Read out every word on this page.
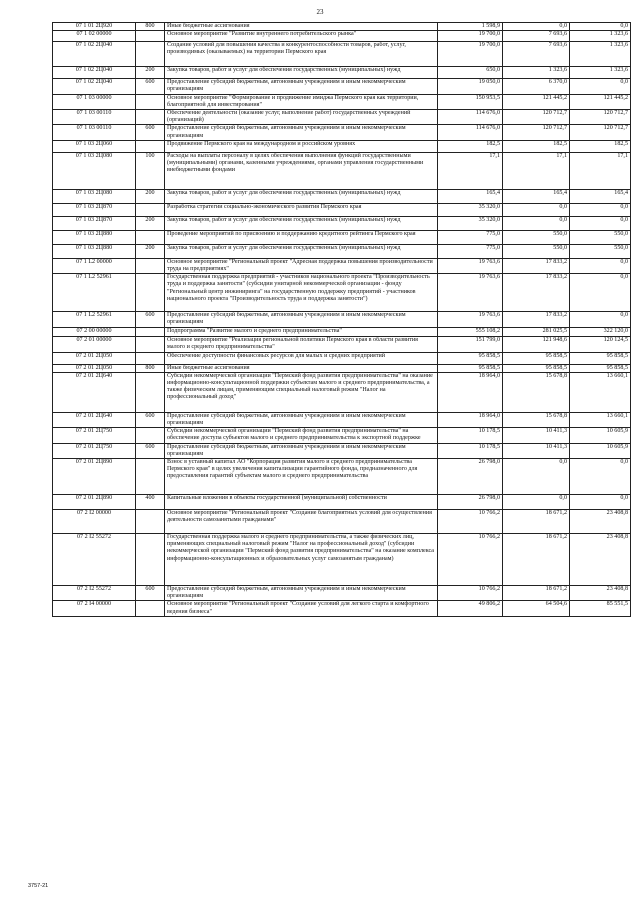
23
07 1 01 2Ц920	800	Иные бюджетные ассигнования	1 598,9	0,0	0,0
07 1 02 00000		Основное мероприятие "Развитие внутреннего потребительского рынка"	19 700,0	7 693,6	1 323,6
07 1 02 2Ц040		Создание условий для повышения качества и конкурентоспособности товаров, работ, услуг, производимых (оказываемых) на территории Пермского края	19 700,0	7 693,6	1 323,6
07 1 02 2Ц040	200	Закупка товаров, работ и услуг для обеспечения государственных (муниципальных) нужд	650,0	1 323,6	1 323,6
07 1 02 2Ц040	600	Предоставление субсидий бюджетным, автономным учреждениям и иным некоммерческим организациям	19 050,0	6 370,0	0,0
07 1 03 00000		Основное мероприятие "Формирование и продвижение имиджа Пермского края как территории, благоприятной для инвестирования"	150 953,5	121 445,2	121 445,2
07 1 03 00110		Обеспечение деятельности (оказание услуг, выполнение работ) государственных учреждений (организаций)	114 676,0	120 712,7	120 712,7
07 1 03 00110	600	Предоставление субсидий бюджетным, автономным учреждениям и иным некоммерческим организациям	114 676,0	120 712,7	120 712,7
07 1 03 2Ц060		Продвижение Пермского края на международном и российском уровнях	182,5	182,5	182,5
07 1 03 2Ц080	100	Расходы на выплаты персоналу в целях обеспечения выполнения функций государственными (муниципальными) органами, казенными учреждениями, органами управления государственными внебюджетными фондами	17,1	17,1	17,1
07 1 03 2Ц080	200	Закупка товаров, работ и услуг для обеспечения государственных (муниципальных) нужд	165,4	165,4	165,4
07 1 03 2Ц870		Разработка стратегии социально-экономического развития Пермского края	35 320,0	0,0	0,0
07 1 03 2Ц870	200	Закупка товаров, работ и услуг для обеспечения государственных (муниципальных) нужд	35 320,0	0,0	0,0
07 1 03 2Ц880		Проведение мероприятий по присвоению и поддержанию кредитного рейтинга Пермского края	775,0	550,0	550,0
07 1 03 2Ц880	200	Закупка товаров, работ и услуг для обеспечения государственных (муниципальных) нужд	775,0	550,0	550,0
07 1 L2 00000		Основное мероприятие "Региональный проект "Адресная поддержка повышения производительности труда на предприятиях"	19 763,6	17 833,2	0,0
07 1 L2 52961		Государственная поддержка предприятий - участников национального проекта "Производительность труда и поддержка занятости" (субсидии унитарной некоммерческой организации - фонду "Региональный центр инжиниринга" на государственную поддержку предприятий - участников национального проекта "Производительность труда и поддержка занятости")	19 763,6	17 833,2	0,0
07 1 L2 52961	600	Предоставление субсидий бюджетным, автономным учреждениям и иным некоммерческим организациям	19 763,6	17 833,2	0,0
07 2 00 00000		Подпрограмма "Развитие малого и среднего предпринимательства"	555 108,2	281 025,5	322 120,0
07 2 01 00000		Основное мероприятие "Реализация региональной политики Пермского края в области развития малого и среднего предпринимательства"	151 799,0	121 948,6	120 124,5
07 2 01 2Ц050		Обеспечение доступности финансовых ресурсов для малых и средних предприятий	95 858,5	95 858,5	95 858,5
07 2 01 2Ц050	800	Иные бюджетные ассигнования	95 858,5	95 858,5	95 858,5
07 2 01 2Ц640		Субсидии некоммерческой организации "Пермский фонд развития предпринимательства" на оказание информационно-консультационной поддержки субъектам малого и среднего предпринимательства, а также физическим лицам, применяющим специальный налоговый режим "Налог на профессиональный доход"	18 964,0	15 678,8	13 660,1
07 2 01 2Ц640	600	Предоставление субсидий бюджетным, автономным учреждениям и иным некоммерческим организациям	18 964,0	15 678,8	13 660,1
07 2 01 2Ц750		Субсидии некоммерческой организации "Пермский фонд развития предпринимательства" на обеспечение доступа субъектов малого и среднего предпринимательства к экспортной поддержке	10 178,5	10 411,3	10 605,9
07 2 01 2Ц750	600	Предоставление субсидий бюджетным, автономным учреждениям и иным некоммерческим организациям	10 178,5	10 411,3	10 605,9
07 2 01 2Ц890		Взнос в уставный капитал АО "Корпорация развития малого и среднего предпринимательства Пермского края" в целях увеличения капитализации гарантийного фонда, предназначенного для предоставления гарантий субъектам малого и среднего предпринимательства	26 798,0	0,0	0,0
07 2 01 2Ц890	400	Капитальные вложения в объекты государственной (муниципальной) собственности	26 798,0	0,0	0,0
07 2 I2 00000		Основное мероприятие "Региональный проект "Создание благоприятных условий для осуществления деятельности самозанятыми гражданами"	10 766,2	18 671,2	23 408,8
07 2 I2 55272		Государственная поддержка малого и среднего предпринимательства, а также физических лиц, применяющих специальный налоговый режим "Налог на профессиональный доход" (субсидии некоммерческой организации "Пермский фонд развития предпринимательства" на оказание комплекса информационно-консультационных и образовательных услуг самозанятым гражданам)	10 766,2	18 671,2	23 408,8
07 2 I2 55272	600	Предоставление субсидий бюджетным, автономным учреждениям и иным некоммерческим организациям	10 766,2	18 671,2	23 408,8
07 2 I4 00000		Основное мероприятие "Региональный проект "Создание условий для легкого старта и комфортного ведения бизнеса"	49 806,2	64 504,6	85 551,5
3757-21
